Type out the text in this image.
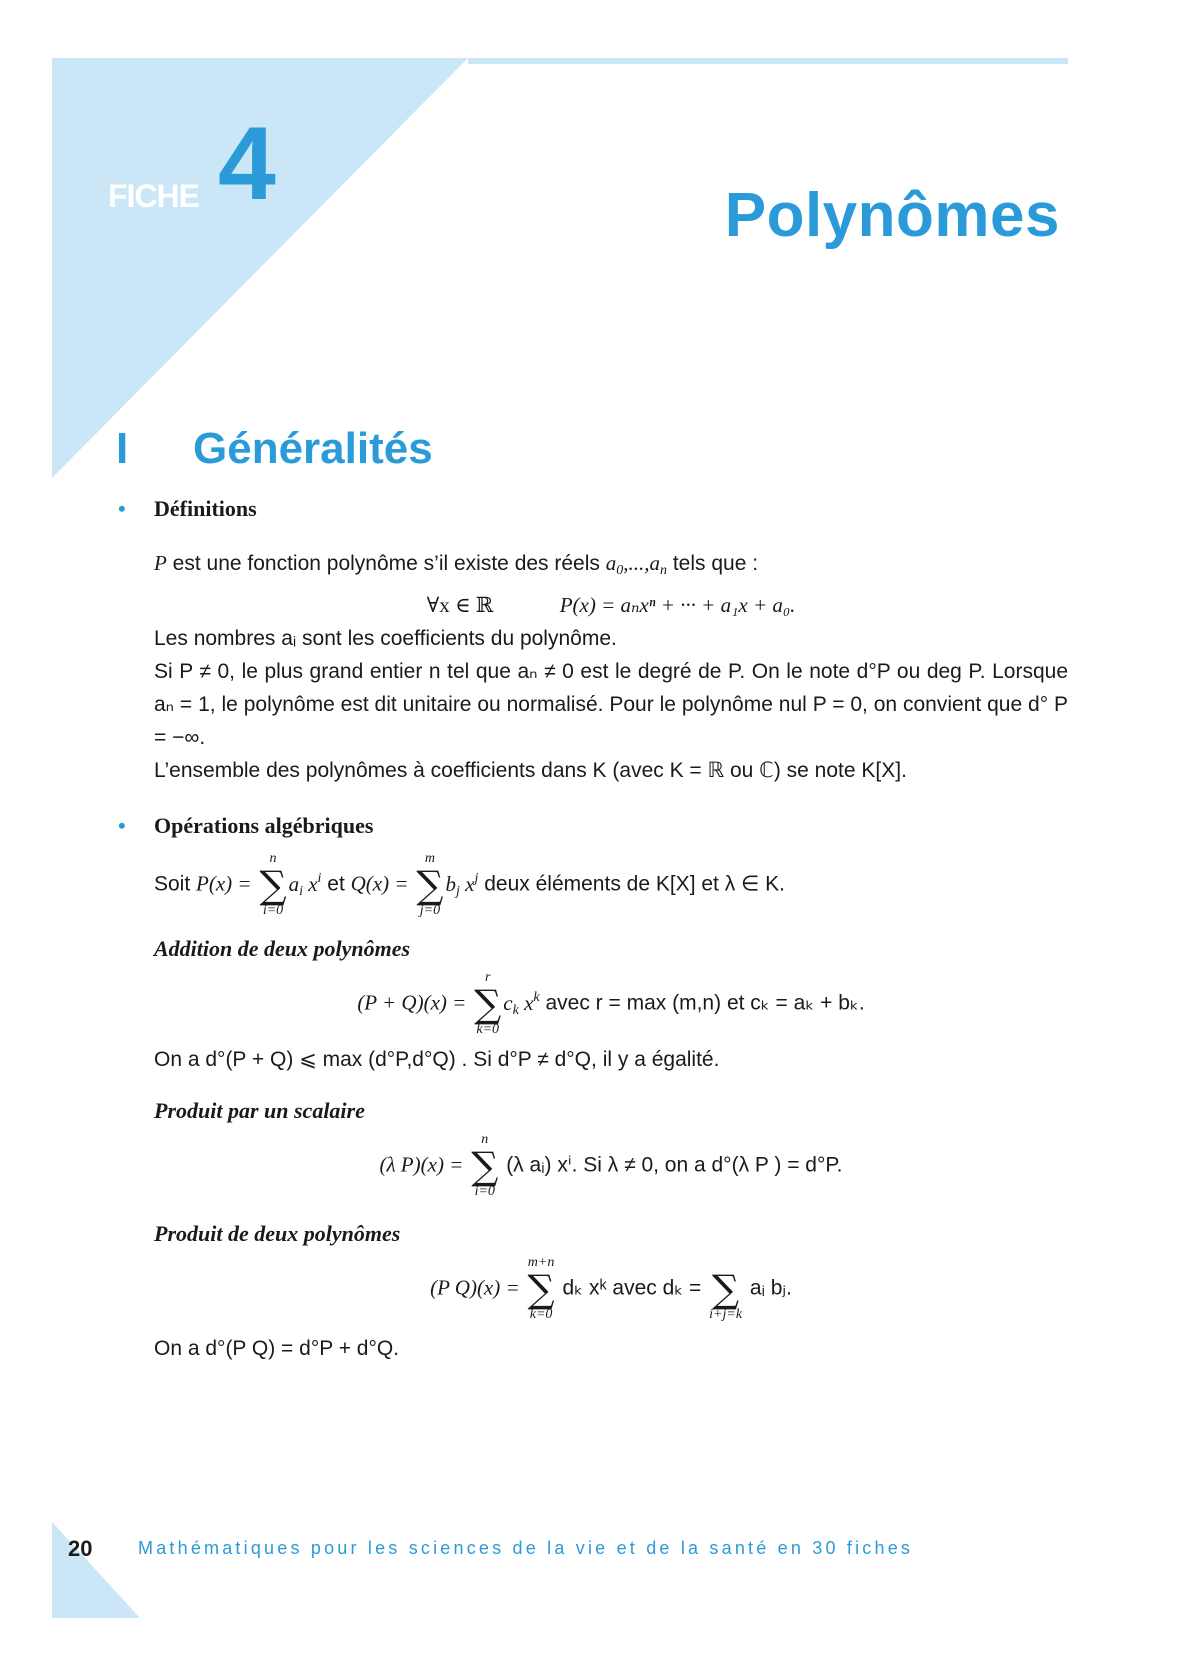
FICHE 4	Polynômes
I Généralités

• Définitions

P est une fonction polynôme s’il existe des réels $a_0,...,a_n$ tels que :
∀x ∈ ℝ	P(x) = aₙxⁿ + ··· + a₁x + a₀.
Les nombres aᵢ sont les coefficients du polynôme.
Si P ≠ 0, le plus grand entier n tel que aₙ ≠ 0 est le degré de P. On le note d°P ou deg P. Lorsque aₙ = 1, le polynôme est dit unitaire ou normalisé. Pour le polynôme nul P = 0, on convient que d° P = −∞.
L’ensemble des polynômes à coefficients dans K (avec K = ℝ ou ℂ) se note K[X].

• Opérations algébriques

Soit P(x) =
n
∑
i=0
$a_i$ $x^i$ et Q(x) =
m
∑
j=0
$b_j$ $x^j$ deux éléments de K[X] et λ ∈ K.
Addition de deux polynômes
(P + Q)(x) =
r
∑
k=0
$c_k$ $x^k$ avec r = max (m,n) et cₖ = aₖ + bₖ.
On a d°(P + Q) ⩽ max (d°P,d°Q) . Si d°P ≠ d°Q, il y a égalité.
Produit par un scalaire
(λ P)(x) =
n
∑
i=0
(λ aᵢ) xⁱ. Si λ ≠ 0, on a d°(λ P ) = d°P.
Produit de deux polynômes
(P Q)(x) =
m+n
∑
k=0
dₖ xᵏ avec dₖ =
∑
i+j=k
aᵢ bⱼ.
On a d°(P Q) = d°P + d°Q.
20	Mathématiques pour les sciences de la vie et de la santé en 30 fiches
